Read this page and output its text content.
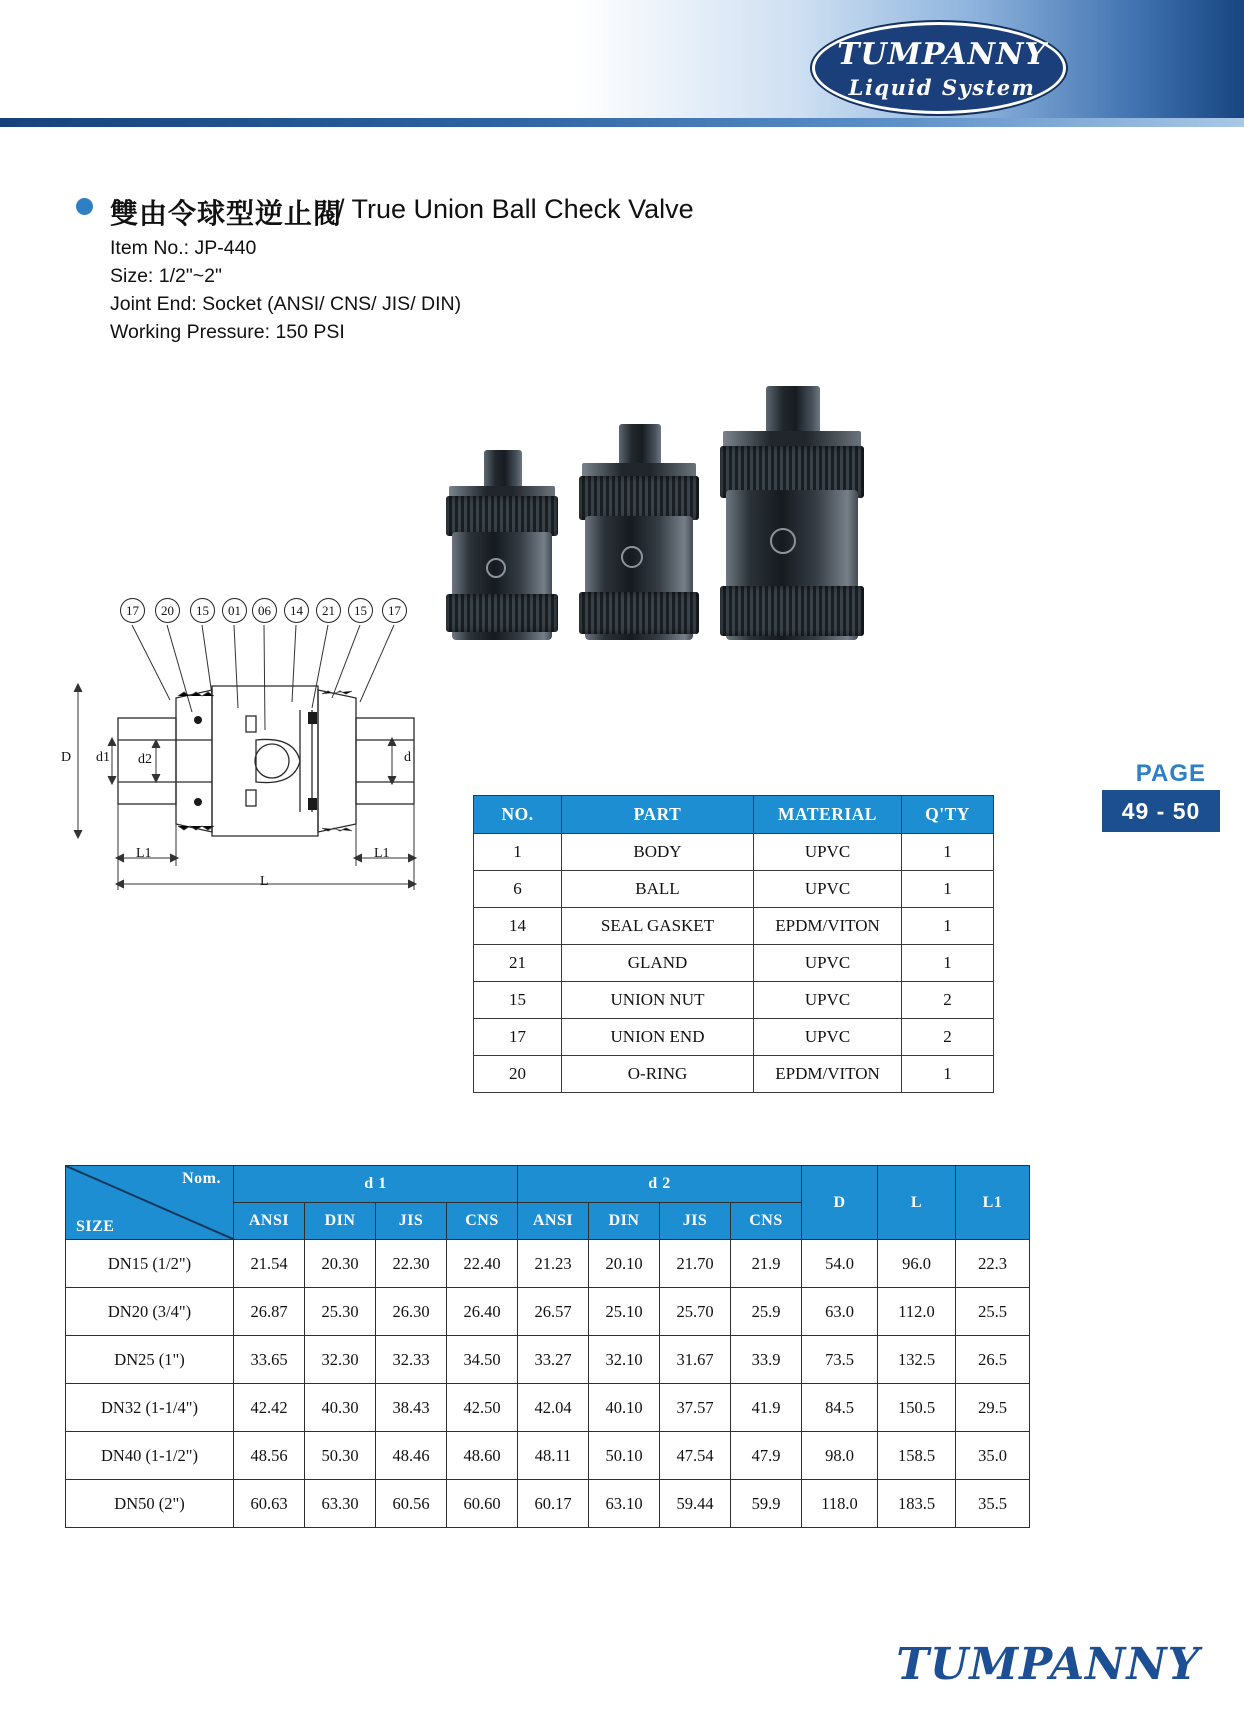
TUMPANNY
Liquid System
雙由令球型逆止閥
/ True Union Ball Check Valve
Item No.: JP-440
Size: 1/2"~2"
Joint End: Socket (ANSI/ CNS/ JIS/ DIN)
Working Pressure: 150 PSI
17	20	15	01	06	14	21	15	17
D d1 d2	d
L1	L1
L
PAGE
49 - 50
NO.	PART	MATERIAL	Q'TY
1	BODY	UPVC	1
6	BALL	UPVC	1
14	SEAL GASKET	EPDM/VITON	1
21	GLAND	UPVC	1
15	UNION NUT	UPVC	2
17	UNION END	UPVC	2
20	O-RING	EPDM/VITON	1
Nom.
SIZE	d 1				d 2				D	L	L1
	ANSI	DIN	JIS	CNS	ANSI	DIN	JIS	CNS			
DN15 (1/2")	21.54	20.30	22.30	22.40	21.23	20.10	21.70	21.9	54.0	96.0	22.3
DN20 (3/4")	26.87	25.30	26.30	26.40	26.57	25.10	25.70	25.9	63.0	112.0	25.5
DN25 (1")	33.65	32.30	32.33	34.50	33.27	32.10	31.67	33.9	73.5	132.5	26.5
DN32 (1-1/4")	42.42	40.30	38.43	42.50	42.04	40.10	37.57	41.9	84.5	150.5	29.5
DN40 (1-1/2")	48.56	50.30	48.46	48.60	48.11	50.10	47.54	47.9	98.0	158.5	35.0
DN50 (2")	60.63	63.30	60.56	60.60	60.17	63.10	59.44	59.9	118.0	183.5	35.5
TUMPANNY
